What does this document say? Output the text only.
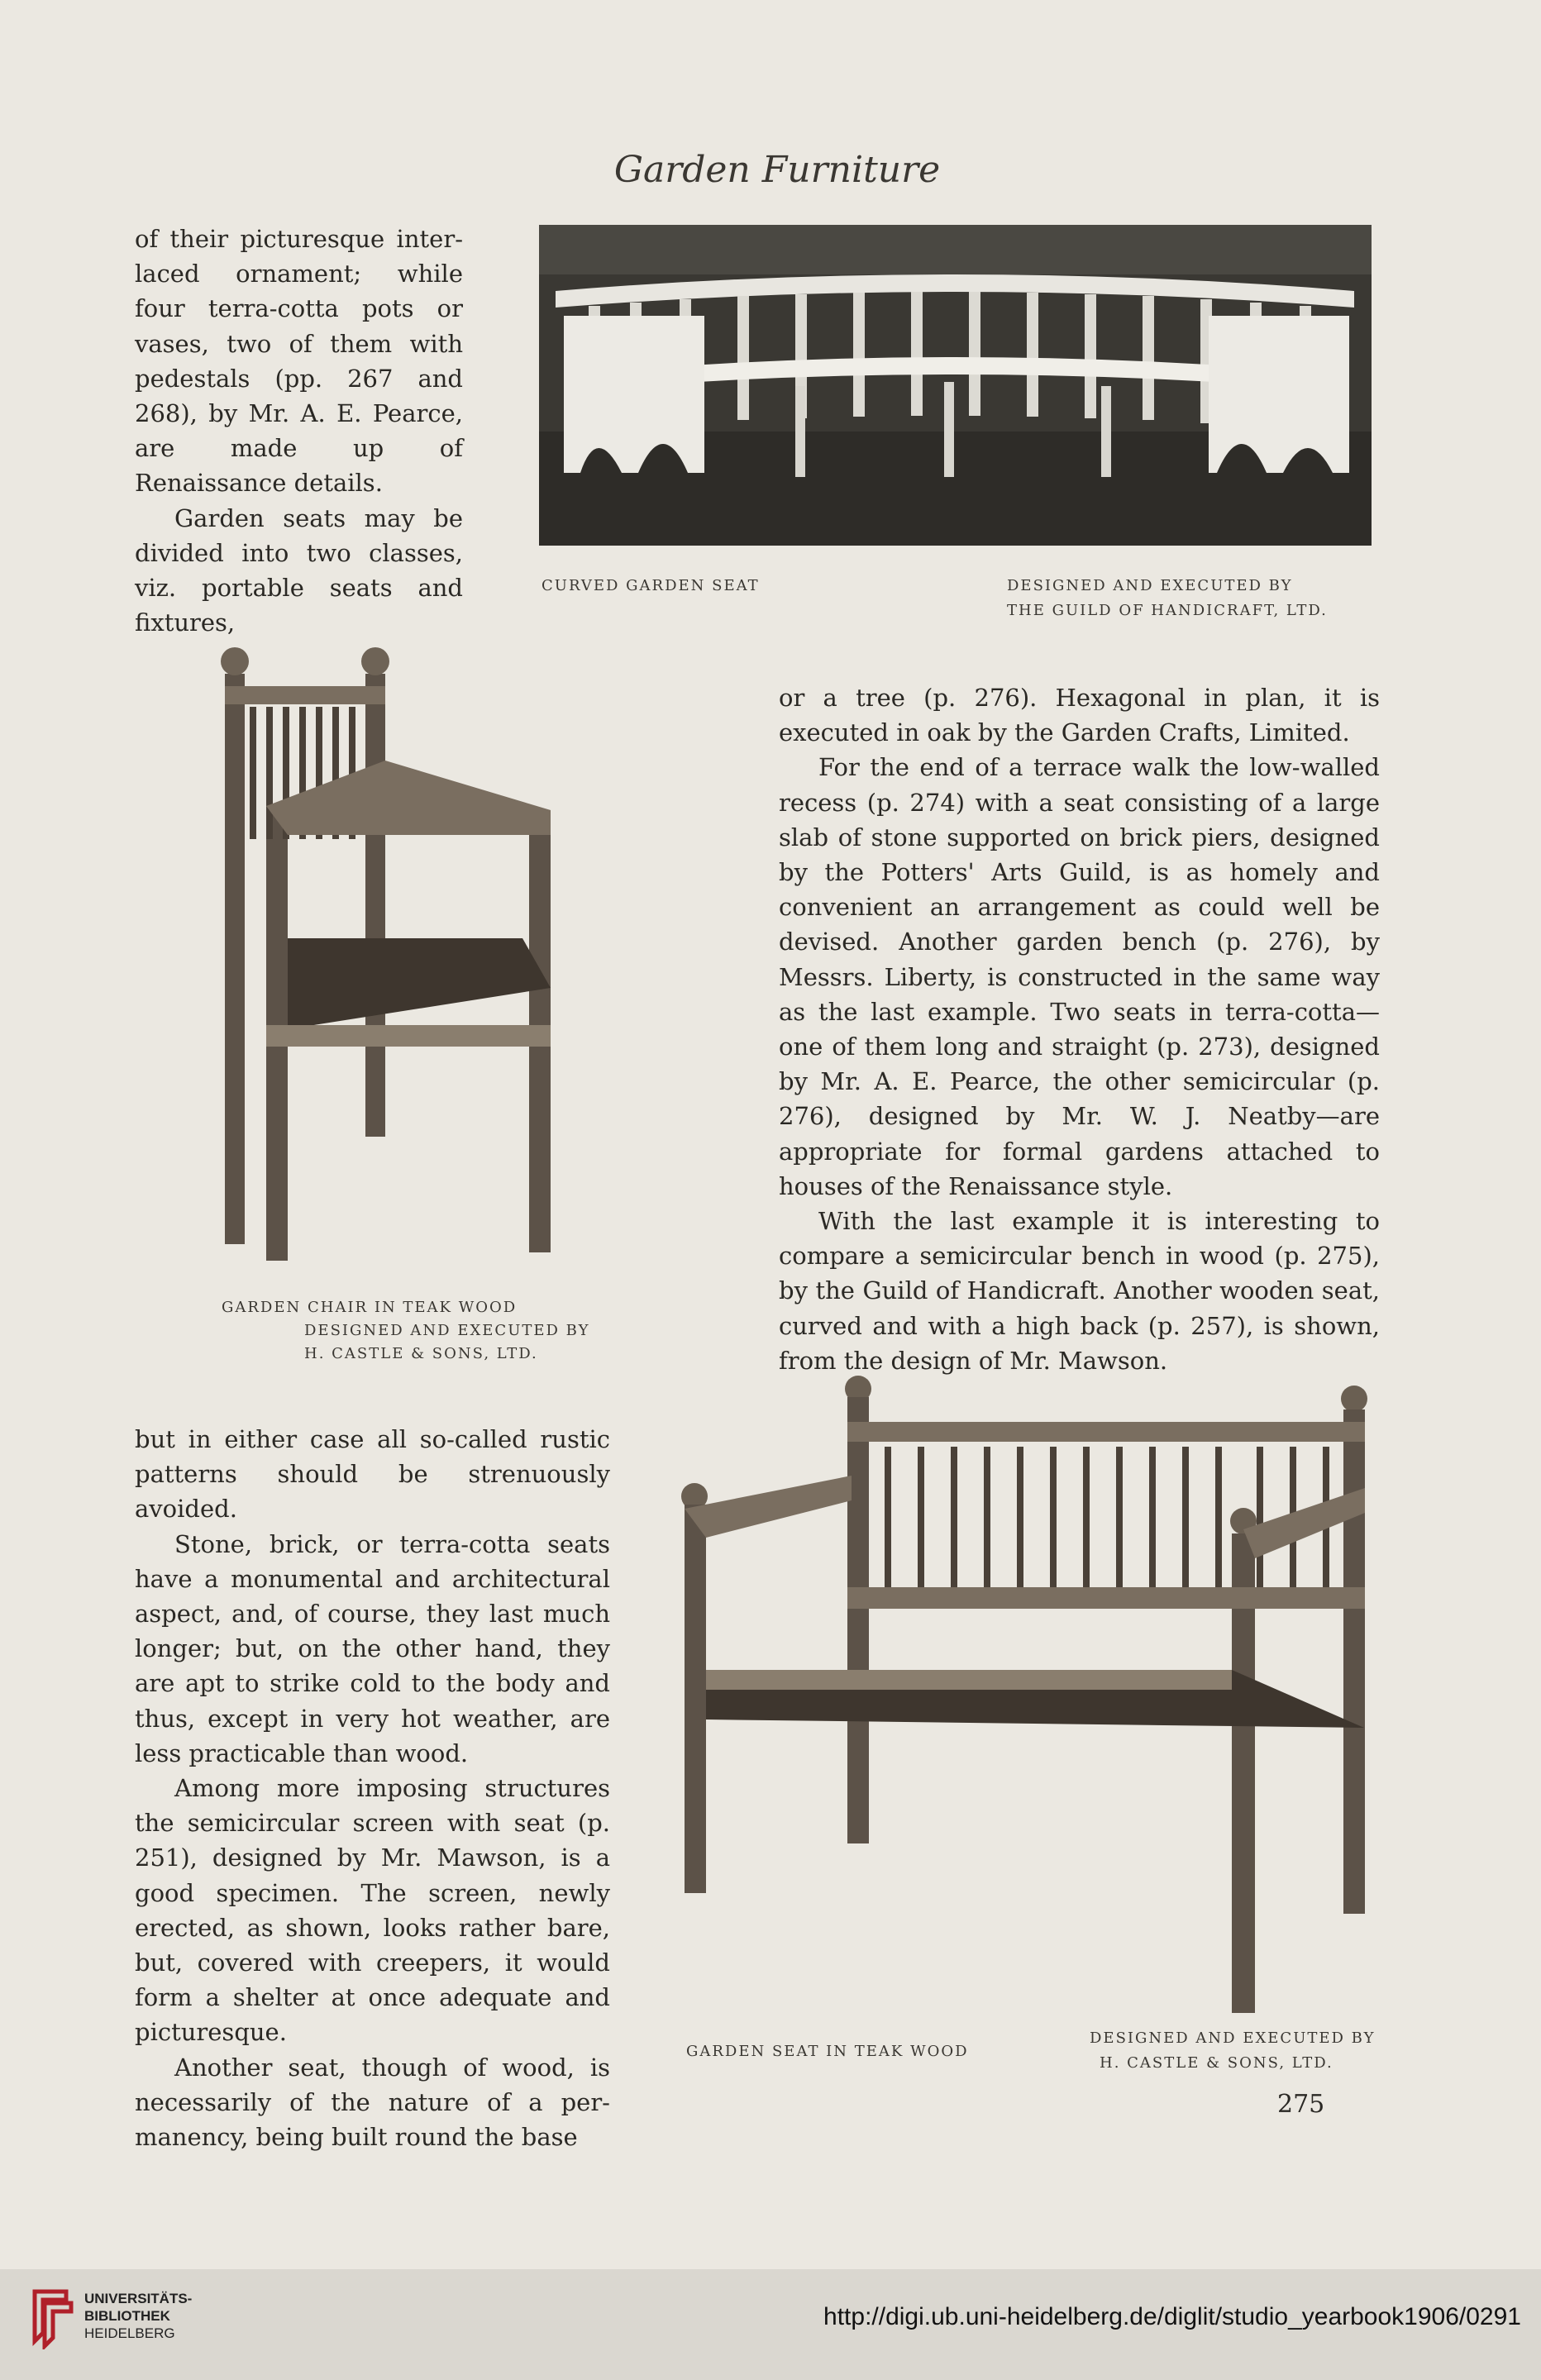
Garden Furniture

of their picturesque inter-laced ornament; while four terra-cotta pots or vases, two of them with pedestals (pp. 267 and 268), by Mr. A. E. Pearce, are made up of Renaissance details.

Garden seats may be divided into two classes, viz. portable seats and fixtures,

CURVED GARDEN SEAT	DESIGNED AND EXECUTED BY
THE GUILD OF HANDICRAFT, LTD.
GARDEN CHAIR IN TEAK WOOD
DESIGNED AND EXECUTED BY
H. CASTLE & SONS, LTD.

or a tree (p. 276). Hexagonal in plan, it is executed in oak by the Garden Crafts, Limited.

For the end of a terrace walk the low-walled recess (p. 274) with a seat consisting of a large slab of stone supported on brick piers, designed by the Potters' Arts Guild, is as homely and convenient an arrangement as could well be devised. Another garden bench (p. 276), by Messrs. Liberty, is constructed in the same way as the last example. Two seats in terra-cotta—one of them long and straight (p. 273), designed by Mr. A. E. Pearce, the other semicircular (p. 276), designed by Mr. W. J. Neatby—are appropriate for formal gardens attached to houses of the Renaissance style.

With the last example it is interesting to compare a semicircular bench in wood (p. 275), by the Guild of Handicraft. Another wooden seat, curved and with a high back (p. 257), is shown, from the design of Mr. Mawson.

but in either case all so-called rustic patterns should be strenuously avoided.

Stone, brick, or terra-cotta seats have a monumental and architectural aspect, and, of course, they last much longer; but, on the other hand, they are apt to strike cold to the body and thus, except in very hot weather, are less practicable than wood.

Among more imposing structures the semicircular screen with seat (p. 251), designed by Mr. Mawson, is a good specimen. The screen, newly erected, as shown, looks rather bare, but, covered with creepers, it would form a shelter at once adequate and picturesque.

Another seat, though of wood, is necessarily of the nature of a per-manency, being built round the base

GARDEN SEAT IN TEAK WOOD
DESIGNED AND EXECUTED BY
H. CASTLE & SONS, LTD.
275
UNIVERSITÄTS-
BIBLIOTHEK
HEIDELBERG
http://digi.ub.uni-heidelberg.de/diglit/studio_yearbook1906/0291
